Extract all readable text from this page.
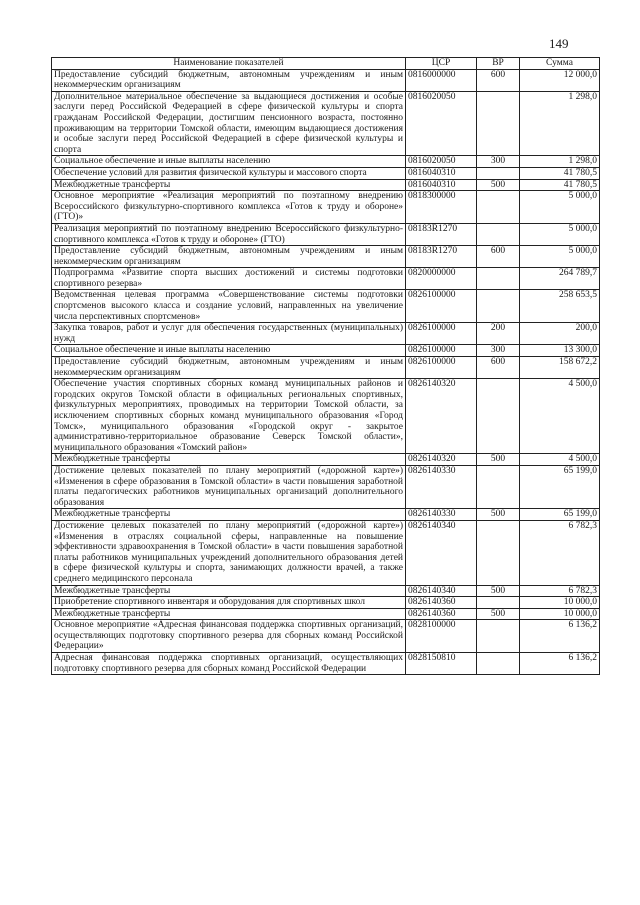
149
Наименование показателей	ЦСР	ВР	Сумма
Предоставление субсидий бюджетным, автономным учреждениям и иным некоммерческим организациям	0816000000	600	12 000,0
Дополнительное материальное обеспечение за выдающиеся достижения и особые заслуги перед Российской Федерацией в сфере физической культуры и спорта гражданам Российской Федерации, достигшим пенсионного возраста, постоянно проживающим на территории Томской области, имеющим выдающиеся достижения и особые заслуги перед Российской Федерацией в сфере физической культуры и спорта	0816020050		1 298,0
Социальное обеспечение и иные выплаты населению	0816020050	300	1 298,0
Обеспечение условий для развития физической культуры и массового спорта	0816040310		41 780,5
Межбюджетные трансферты	0816040310	500	41 780,5
Основное мероприятие «Реализация мероприятий по поэтапному внедрению Всероссийского физкультурно-спортивного комплекса «Готов к труду и обороне» (ГТО)»	0818300000		5 000,0
Реализация мероприятий по поэтапному внедрению Всероссийского физкультурно-спортивного комплекса «Готов к труду и обороне» (ГТО)	08183R1270		5 000,0
Предоставление субсидий бюджетным, автономным учреждениям и иным некоммерческим организациям	08183R1270	600	5 000,0
Подпрограмма «Развитие спорта высших достижений и системы подготовки спортивного резерва»	0820000000		264 789,7
Ведомственная целевая программа «Совершенствование системы подготовки спортсменов высокого класса и создание условий, направленных на увеличение числа перспективных спортсменов»	0826100000		258 653,5
Закупка товаров, работ и услуг для обеспечения государственных (муниципальных) нужд	0826100000	200	200,0
Социальное обеспечение и иные выплаты населению	0826100000	300	13 300,0
Предоставление субсидий бюджетным, автономным учреждениям и иным некоммерческим организациям	0826100000	600	158 672,2
Обеспечение участия спортивных сборных команд муниципальных районов и городских округов Томской области в официальных региональных спортивных, физкультурных мероприятиях, проводимых на территории Томской области, за исключением спортивных сборных команд муниципального образования «Город Томск», муниципального образования «Городской округ - закрытое административно-территориальное образование Северск Томской области», муниципального образования «Томский район»	0826140320		4 500,0
Межбюджетные трансферты	0826140320	500	4 500,0
Достижение целевых показателей по плану мероприятий («дорожной карте») «Изменения в сфере образования в Томской области» в части повышения заработной платы педагогических работников муниципальных организаций дополнительного образования	0826140330		65 199,0
Межбюджетные трансферты	0826140330	500	65 199,0
Достижение целевых показателей по плану мероприятий («дорожной карте») «Изменения в отраслях социальной сферы, направленные на повышение эффективности здравоохранения в Томской области» в части повышения заработной платы работников муниципальных учреждений дополнительного образования детей в сфере физической культуры и спорта, занимающих должности врачей, а также среднего медицинского персонала	0826140340		6 782,3
Межбюджетные трансферты	0826140340	500	6 782,3
Приобретение спортивного инвентаря и оборудования для спортивных школ	0826140360		10 000,0
Межбюджетные трансферты	0826140360	500	10 000,0
Основное мероприятие «Адресная финансовая поддержка спортивных организаций, осуществляющих подготовку спортивного резерва для сборных команд Российской Федерации»	0828100000		6 136,2
Адресная финансовая поддержка спортивных организаций, осуществляющих подготовку спортивного резерва для сборных команд Российской Федерации	0828150810		6 136,2
